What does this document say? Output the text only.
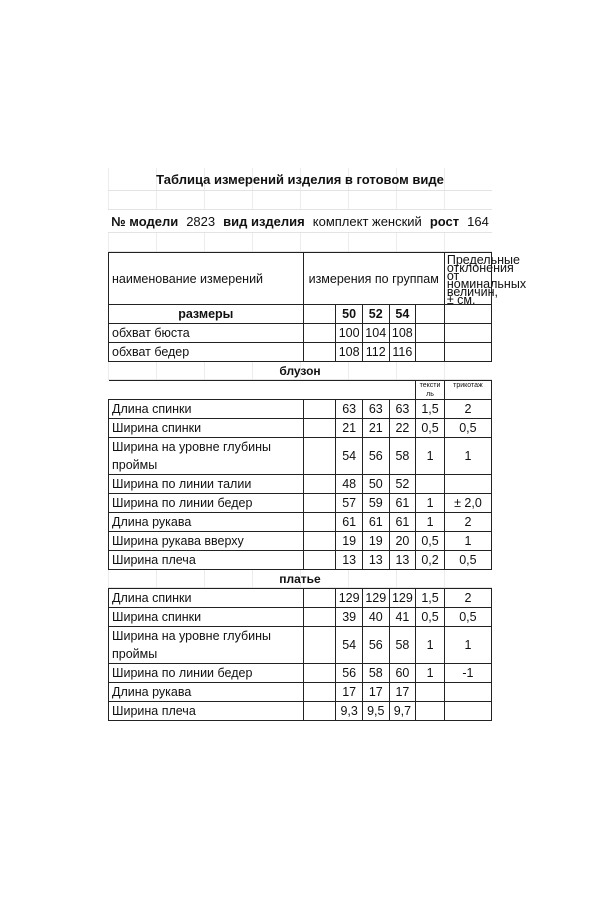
Таблица измерений изделия в готовом виде
№ модели 2823 вид изделия комплект женский рост 164
наименование измерений	измерения по группам					Предельные отклонения от номинальных величин, ± см.
размеры		50	52	54		
обхват бюста		100	104	108		
обхват бедер		108	112	116		
блузон
					тексти ль	трикотаж
Длина спинки		63	63	63	1,5	2
Ширина спинки		21	21	22	0,5	0,5
Ширина на уровне глубины проймы		54	56	58	1	1
Ширина по линии талии		48	50	52		
Ширина по линии бедер		57	59	61	1	± 2,0
Длина рукава		61	61	61	1	2
Ширина рукава вверху		19	19	20	0,5	1
Ширина плеча		13	13	13	0,2	0,5
платье
Длина спинки		129	129	129	1,5	2
Ширина спинки		39	40	41	0,5	0,5
Ширина на уровне глубины проймы		54	56	58	1	1
Ширина по линии бедер		56	58	60	1	-1
Длина рукава		17	17	17		
Ширина плеча		9,3	9,5	9,7		
